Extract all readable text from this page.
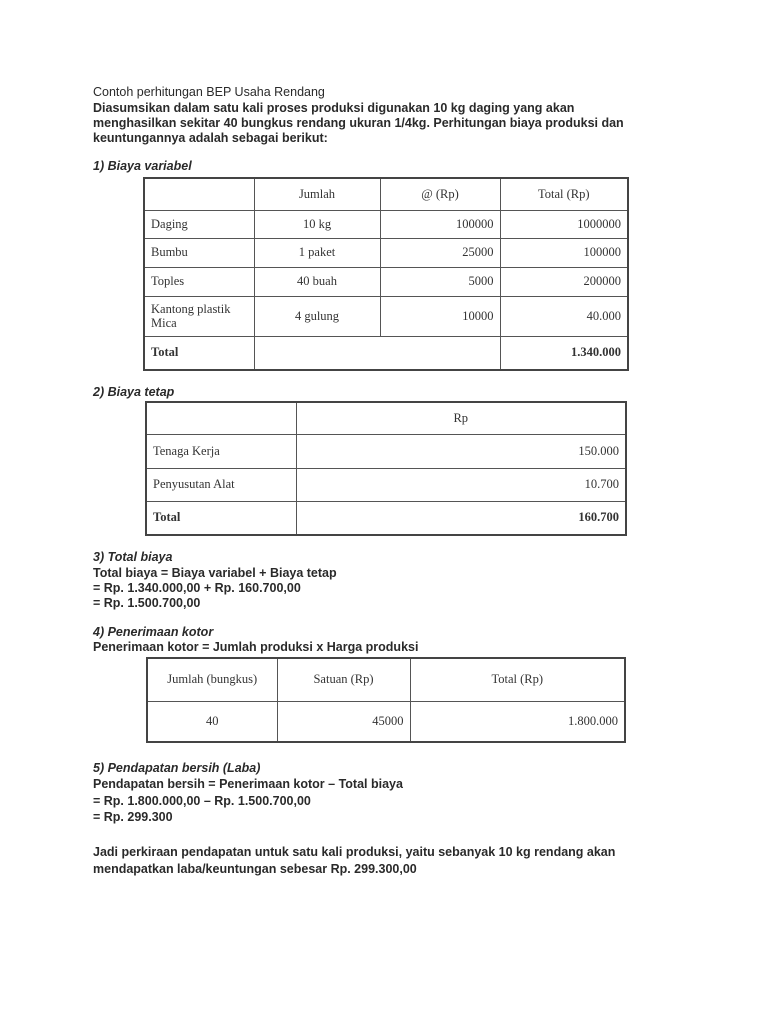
Contoh perhitungan BEP Usaha Rendang

Diasumsikan dalam satu kali proses produksi digunakan 10 kg daging yang akan

menghasilkan sekitar 40 bungkus rendang ukuran 1/4kg. Perhitungan biaya produksi dan

keuntungannya adalah sebagai berikut:

1) Biaya variabel

	Jumlah	@ (Rp)	Total (Rp)
Daging	10 kg	100000	1000000
Bumbu	1 paket	25000	100000
Toples	40 buah	5000	200000
Kantong plastik Mica	4 gulung	10000	40.000
Total			1.340.000

2) Biaya tetap

	Rp
Tenaga Kerja	150.000
Penyusutan Alat	10.700
Total	160.700

3) Total biaya

Total biaya = Biaya variabel + Biaya tetap

= Rp. 1.340.000,00 + Rp. 160.700,00

= Rp. 1.500.700,00

4) Penerimaan kotor

Penerimaan kotor = Jumlah produksi x Harga produksi

Jumlah (bungkus)	Satuan (Rp)	Total (Rp)
40	45000	1.800.000

5) Pendapatan bersih (Laba)

Pendapatan bersih = Penerimaan kotor – Total biaya

= Rp. 1.800.000,00 – Rp. 1.500.700,00

= Rp. 299.300

Jadi perkiraan pendapatan untuk satu kali produksi, yaitu sebanyak 10 kg rendang akan

mendapatkan laba/keuntungan sebesar Rp. 299.300,00
